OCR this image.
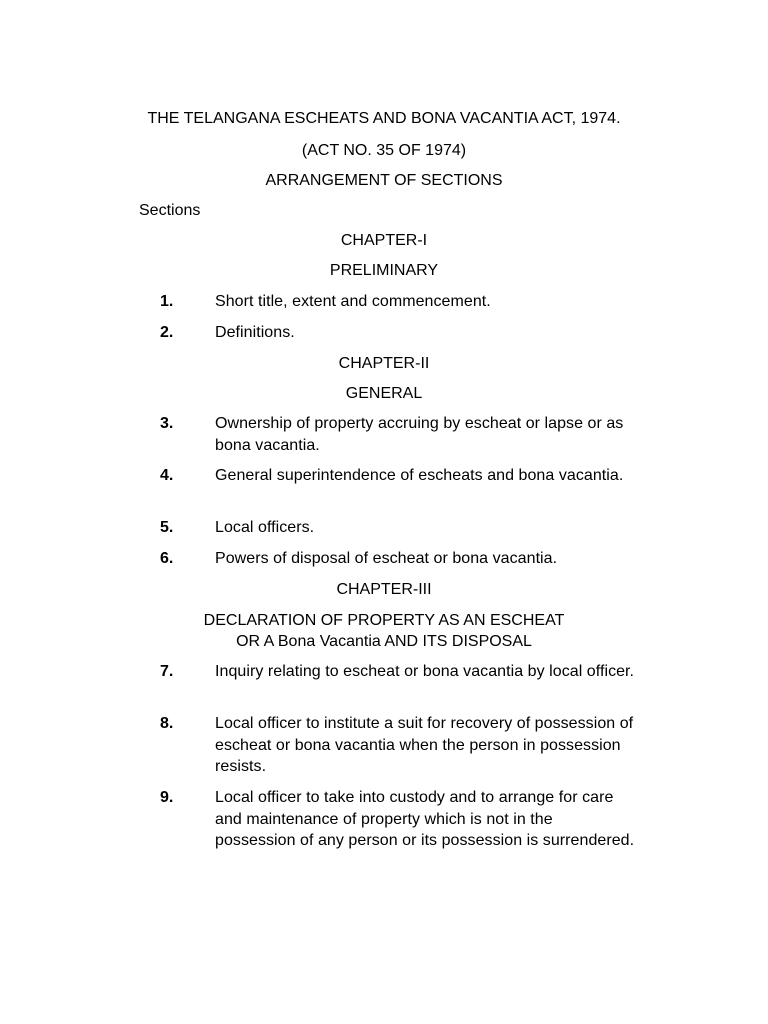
THE TELANGANA ESCHEATS AND BONA VACANTIA ACT, 1974.
(ACT NO. 35 OF 1974)
ARRANGEMENT OF SECTIONS
Sections
CHAPTER-I
PRELIMINARY
1.	Short title, extent and commencement.
2.	Definitions.
CHAPTER-II
GENERAL
3.	Ownership of property accruing by escheat or lapse or as bona vacantia.
4.	General superintendence of escheats and bona vacantia.
5.	Local officers.
6.	Powers of disposal of escheat or bona vacantia.
CHAPTER-III
DECLARATION OF PROPERTY AS AN ESCHEAT
OR A Bona Vacantia AND ITS DISPOSAL
7.	Inquiry relating to escheat or bona vacantia by local officer.
8.	Local officer to institute a suit for recovery of possession of escheat or bona vacantia when the person in possession resists.
9.	Local officer to take into custody and to arrange for care and maintenance of property which is not in the possession of any person or its possession is surrendered.
